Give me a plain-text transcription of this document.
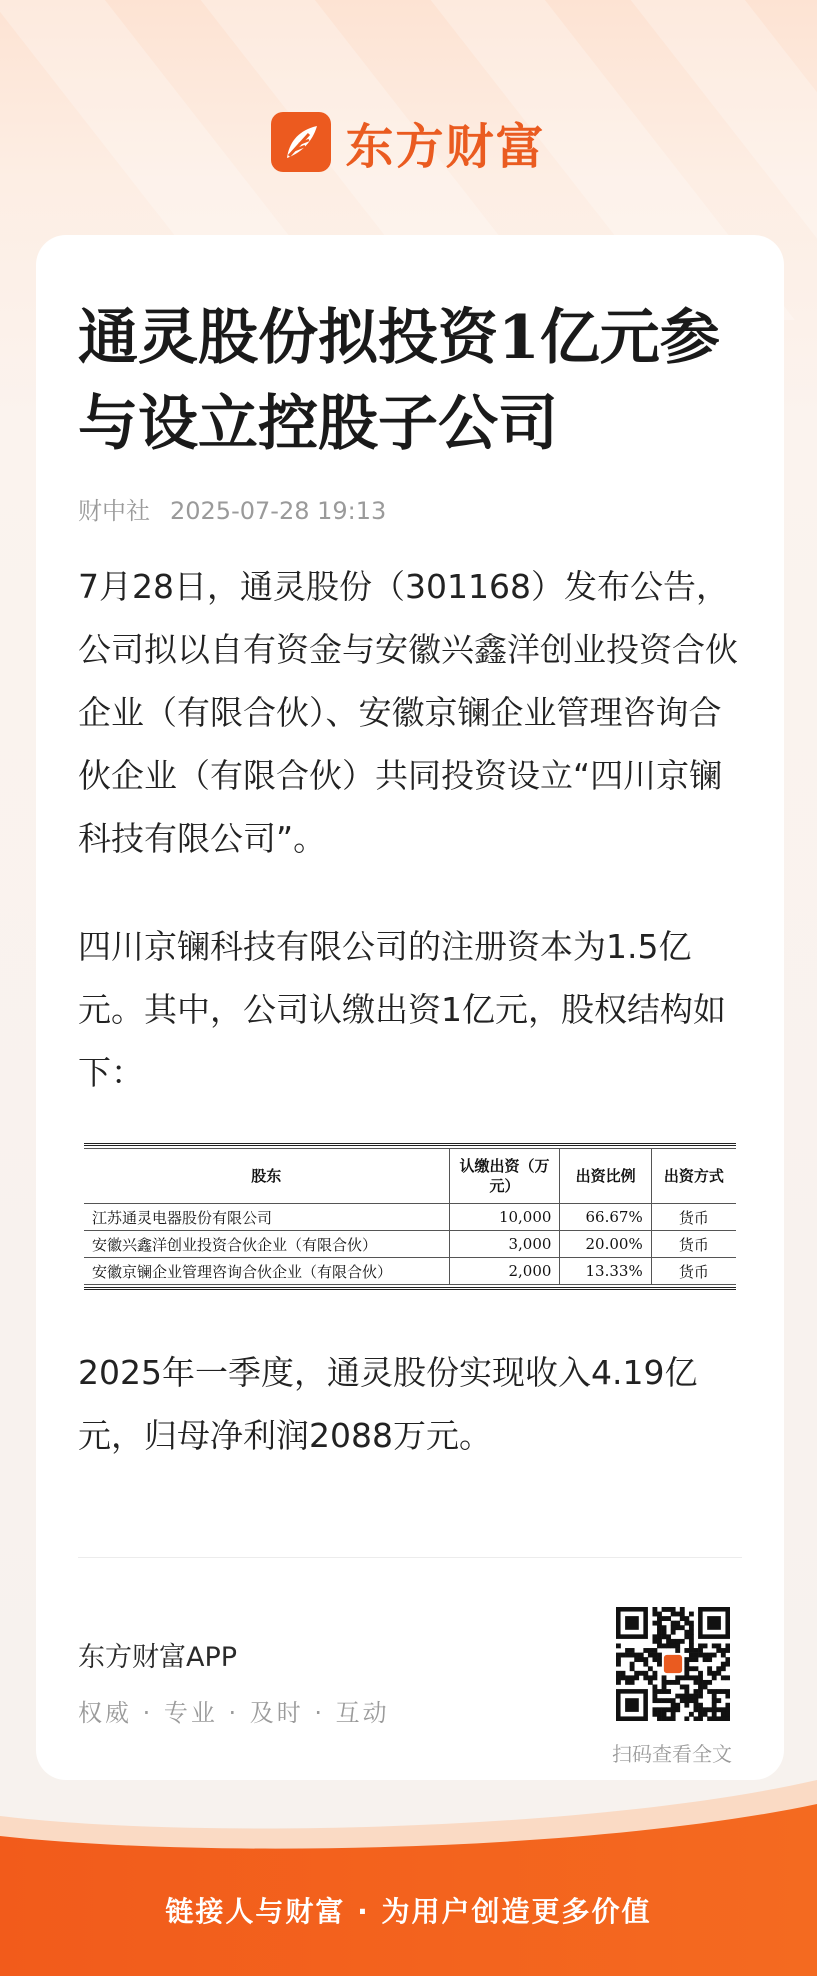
东方财富
通灵股份拟投资1亿元参与设立控股子公司
财中社 2025-07-28 19:13

7月28日，通灵股份（301168）发布公告，公司拟以自有资金与安徽兴鑫洋创业投资合伙企业（有限合伙）、安徽京镧企业管理咨询合伙企业（有限合伙）共同投资设立“四川京镧科技有限公司”。

四川京镧科技有限公司的注册资本为1.5亿元。其中，公司认缴出资1亿元，股权结构如下：

股东	认缴出资（万元）	出资比例	出资方式
江苏通灵电器股份有限公司	10,000	66.67%	货币
安徽兴鑫洋创业投资合伙企业（有限合伙）	3,000	20.00%	货币
安徽京镧企业管理咨询合伙企业（有限合伙）	2,000	13.33%	货币

2025年一季度，通灵股份实现收入4.19亿元，归母净利润2088万元。

东方财富APP
权威 · 专业 · 及时 · 互动
扫码查看全文
链接人与财富 · 为用户创造更多价值
